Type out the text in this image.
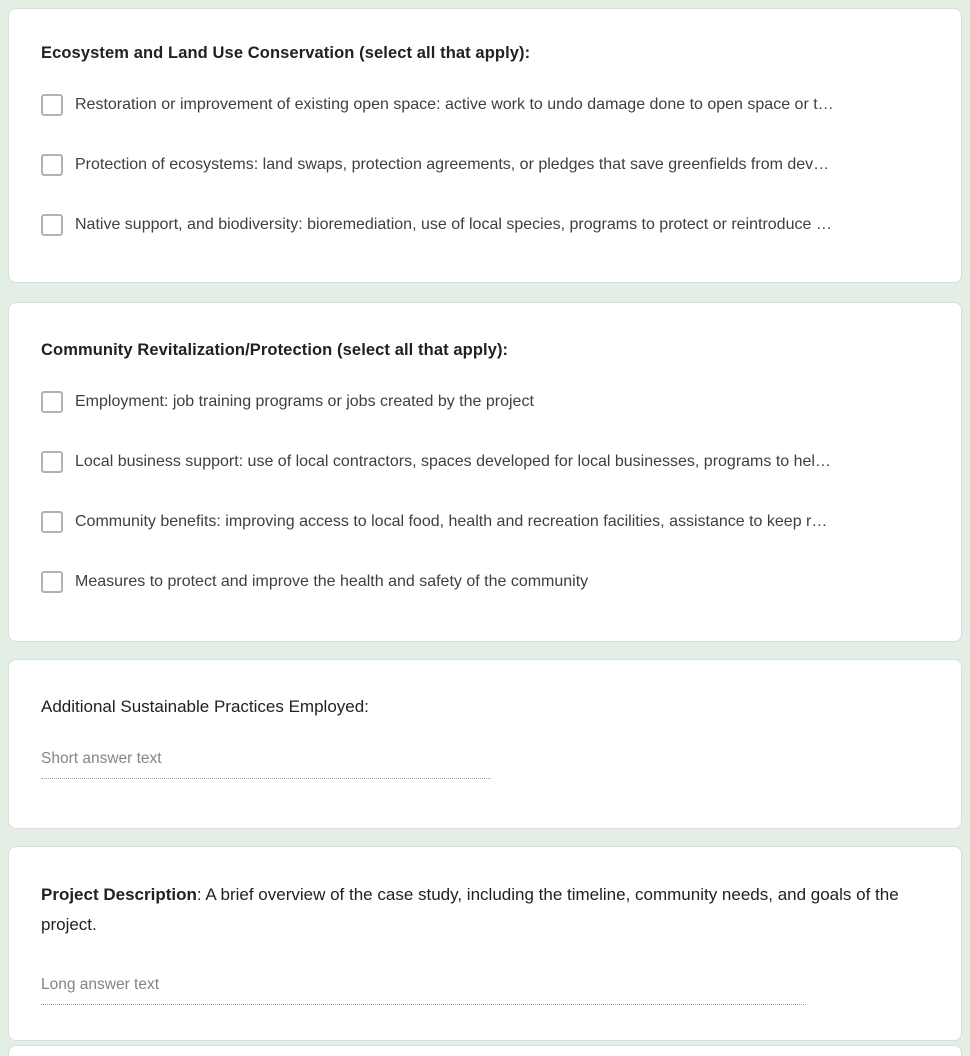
Ecosystem and Land Use Conservation (select all that apply):
Restoration or improvement of existing open space: active work to undo damage done to open space or t…
Protection of ecosystems: land swaps, protection agreements, or pledges that save greenfields from dev…
Native support, and biodiversity: bioremediation, use of local species, programs to protect or reintroduce …
Community Revitalization/Protection (select all that apply):
Employment: job training programs or jobs created by the project
Local business support: use of local contractors, spaces developed for local businesses, programs to hel…
Community benefits: improving access to local food, health and recreation facilities, assistance to keep r…
Measures to protect and improve the health and safety of the community
Additional Sustainable Practices Employed:
Short answer text
Project Description: A brief overview of the case study, including the timeline, community needs, and goals of the project.
Long answer text
